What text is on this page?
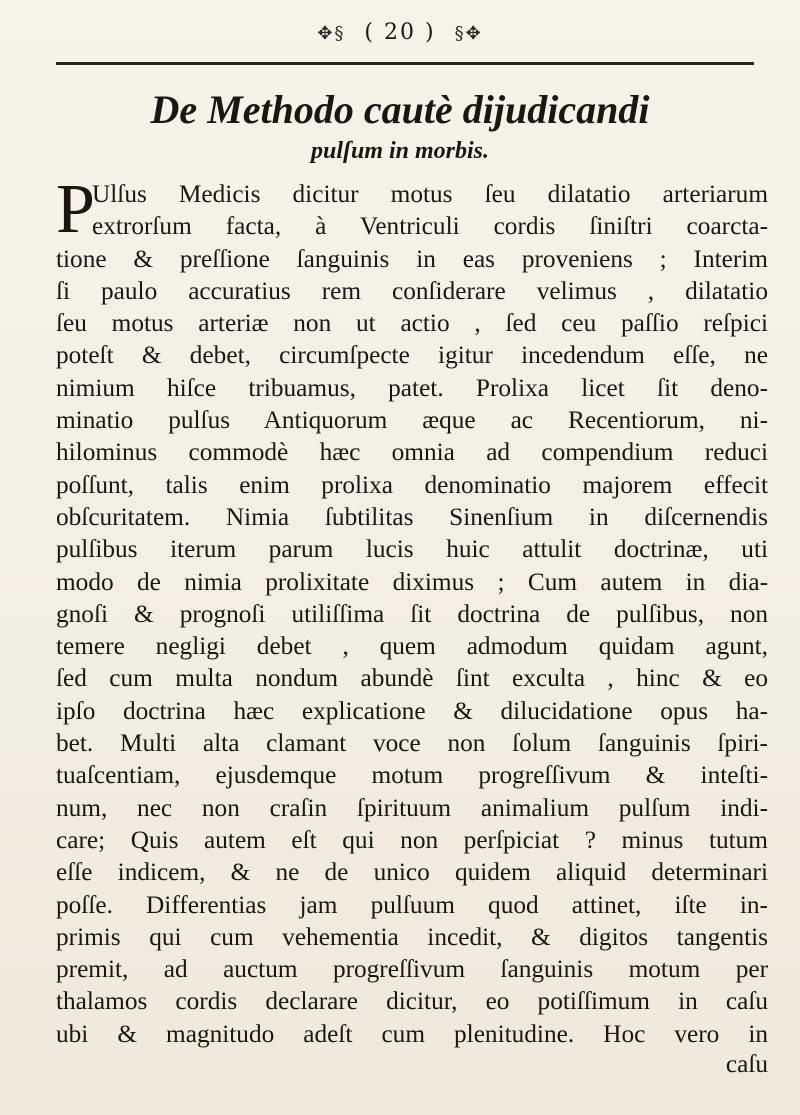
✥§ ( 20 ) §✥
De Methodo cautè dijudicandi
pulſum in morbis.
P
Ulſus Medicis dicitur motus ſeu dilatatio arteriarum
extrorſum facta, à Ventriculi cordis ſiniſtri coarcta-
tione & preſſione ſanguinis in eas proveniens ; Interim
ſi paulo accuratius rem conſiderare velimus , dilatatio
ſeu motus arteriæ non ut actio , ſed ceu paſſio reſpici
poteſt & debet, circumſpecte igitur incedendum eſſe, ne
nimium hiſce tribuamus, patet. Prolixa licet ſit deno-
minatio pulſus Antiquorum æque ac Recentiorum, ni-
hilominus commodè hæc omnia ad compendium reduci
poſſunt, talis enim prolixa denominatio majorem effecit
obſcuritatem. Nimia ſubtilitas Sinenſium in diſcernendis
pulſibus iterum parum lucis huic attulit doctrinæ, uti
modo de nimia prolixitate diximus ; Cum autem in dia-
gnoſi & prognoſi utiliſſima ſit doctrina de pulſibus, non
temere negligi debet , quem admodum quidam agunt,
ſed cum multa nondum abundè ſint exculta , hinc & eo
ipſo doctrina hæc explicatione & dilucidatione opus ha-
bet. Multi alta clamant voce non ſolum ſanguinis ſpiri-
tuaſcentiam, ejusdemque motum progreſſivum & inteſti-
num, nec non craſin ſpirituum animalium pulſum indi-
care; Quis autem eſt qui non perſpiciat ? minus tutum
eſſe indicem, & ne de unico quidem aliquid determinari
poſſe. Differentias jam pulſuum quod attinet, iſte in-
primis qui cum vehementia incedit, & digitos tangentis
premit, ad auctum progreſſivum ſanguinis motum per
thalamos cordis declarare dicitur, eo potiſſimum in caſu
ubi & magnitudo adeſt cum plenitudine. Hoc vero in
caſu
